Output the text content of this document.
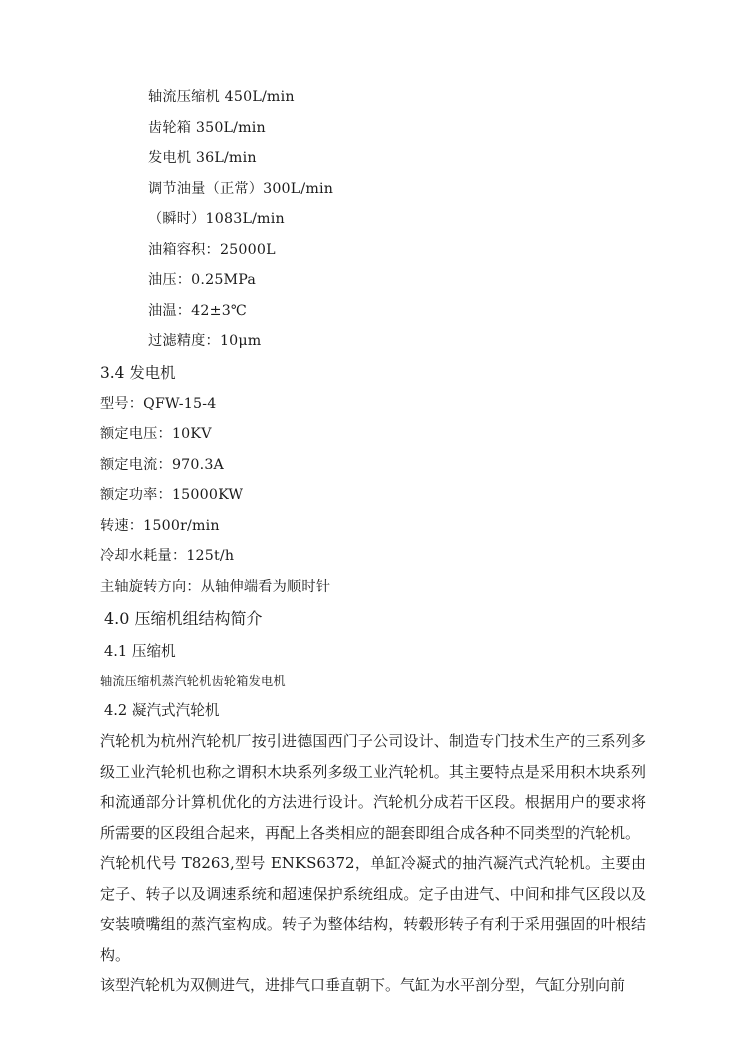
轴流压缩机 450L/min
齿轮箱 350L/min
发电机 36L/min
调节油量（正常）300L/min
（瞬时）1083L/min
油箱容积：25000L
油压：0.25MPa
油温：42±3℃
过滤精度：10μm
3.4 发电机
型号：QFW-15-4
额定电压：10KV
额定电流：970.3A
额定功率：15000KW
转速：1500r/min
冷却水耗量：125t/h
主轴旋转方向：从轴伸端看为顺时针
4.0 压缩机组结构简介
4.1 压缩机
轴流压缩机蒸汽轮机齿轮箱发电机
4.2 凝汽式汽轮机

汽轮机为杭州汽轮机厂按引进德国西门子公司设计、制造专门技术生产的三系列多级工业汽轮机也称之谓积木块系列多级工业汽轮机。其主要特点是采用积木块系列和流通部分计算机优化的方法进行设计。汽轮机分成若干区段。根据用户的要求将所需要的区段组合起来，再配上各类相应的郶套即组合成各种不同类型的汽轮机。

汽轮机代号 T8263,型号 ENKS6372，单缸冷凝式的抽汽凝汽式汽轮机。主要由定子、转子以及调速系统和超速保护系统组成。定子由进气、中间和排气区段以及安装喷嘴组的蒸汽室构成。转子为整体结构，转毂形转子有利于采用强固的叶根结构。

该型汽轮机为双侧进气，进排气口垂直朝下。气缸为水平剖分型，气缸分别向前
